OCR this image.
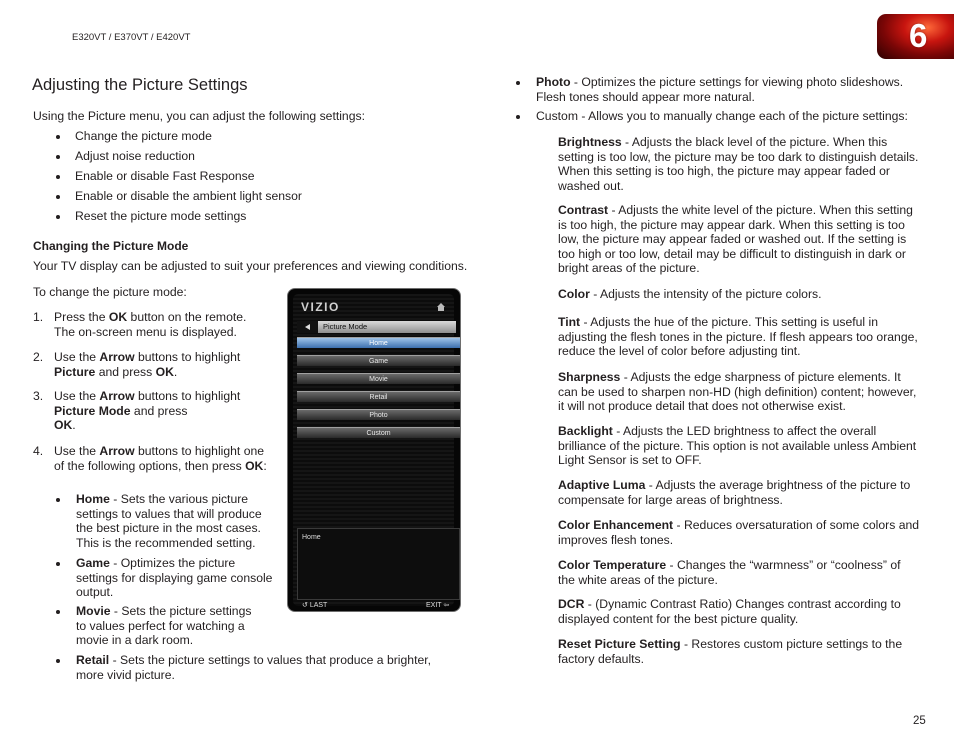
E320VT / E370VT / E420VT	6
Adjusting the Picture Settings
Using the Picture menu, you can adjust the following settings:
Change the picture mode
Adjust noise reduction
Enable or disable Fast Response
Enable or disable the ambient light sensor
Reset the picture mode settings
Changing the Picture Mode
Your TV display can be adjusted to suit your preferences and viewing conditions.
To change the picture mode:
1. Press the OK button on the remote. The on-screen menu is displayed.
2. Use the Arrow buttons to highlight Picture and press OK.
3. Use the Arrow buttons to highlight Picture Mode and press
OK.
4. Use the Arrow buttons to highlight one of the following options, then press OK:
Home - Sets the various picture settings to values that will produce the best picture in the most cases. This is the recommended setting.
Game - Optimizes the picture settings for displaying game console output.
Movie - Sets the picture settings to values perfect for watching a movie in a dark room.
Retail - Sets the picture settings to values that produce a brighter, more vivid picture.
VIZIO
Picture Mode
Home
Game
Movie
Retail
Photo
Custom
Home
↺ LAST	EXIT ⇦
Photo - Optimizes the picture settings for viewing photo slideshows. Flesh tones should appear more natural.
Custom - Allows you to manually change each of the picture settings:
Brightness - Adjusts the black level of the picture. When this setting is too low, the picture may be too dark to distinguish details. When this setting is too high, the picture may appear faded or washed out.
Contrast - Adjusts the white level of the picture. When this setting is too high, the picture may appear dark. When this setting is too low, the picture may appear faded or washed out. If the setting is too high or too low, detail may be difficult to distinguish in dark or bright areas of the picture.
Color - Adjusts the intensity of the picture colors.
Tint - Adjusts the hue of the picture. This setting is useful in adjusting the flesh tones in the picture. If flesh appears too orange, reduce the level of color before adjusting tint.
Sharpness - Adjusts the edge sharpness of picture elements. It can be used to sharpen non-HD (high definition) content; however, it will not produce detail that does not otherwise exist.
Backlight - Adjusts the LED brightness to affect the overall brilliance of the picture. This option is not available unless Ambient Light Sensor is set to OFF.
Adaptive Luma - Adjusts the average brightness of the picture to compensate for large areas of brightness.
Color Enhancement - Reduces oversaturation of some colors and improves flesh tones.
Color Temperature - Changes the “warmness” or “coolness” of the white areas of the picture.
DCR - (Dynamic Contrast Ratio) Changes contrast according to displayed content for the best picture quality.
Reset Picture Setting - Restores custom picture settings to the factory defaults.
25
